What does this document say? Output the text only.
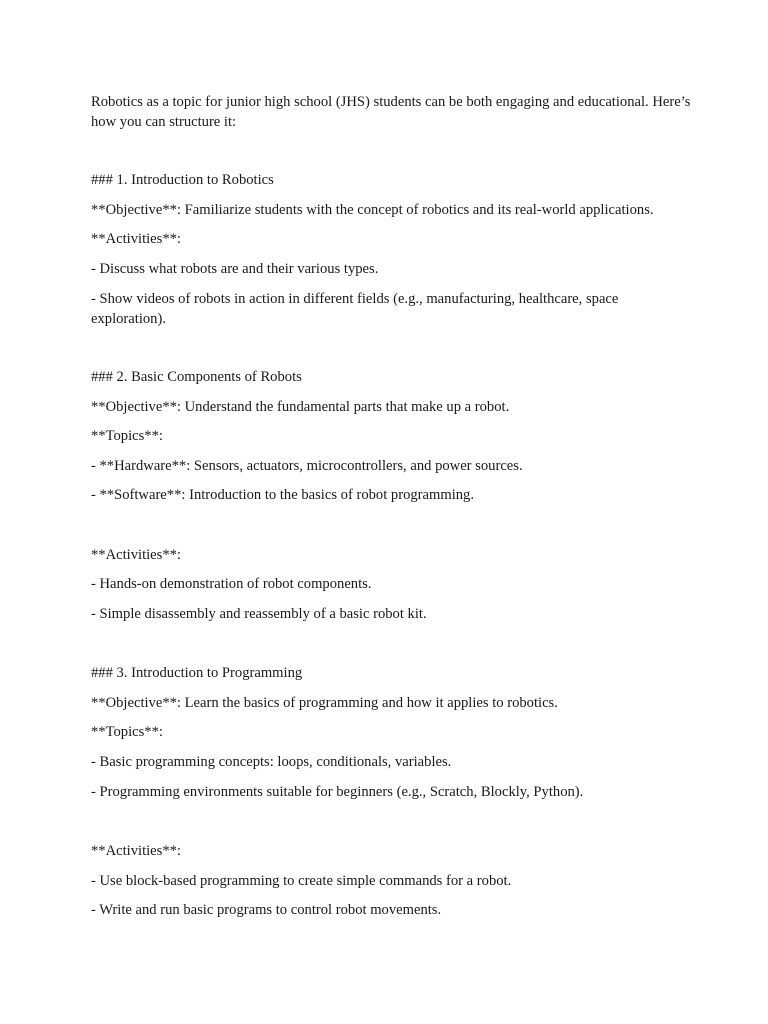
Robotics as a topic for junior high school (JHS) students can be both engaging and educational. Here’s how you can structure it:

### 1. Introduction to Robotics

**Objective**: Familiarize students with the concept of robotics and its real-world applications.

**Activities**:

- Discuss what robots are and their various types.

- Show videos of robots in action in different fields (e.g., manufacturing, healthcare, space exploration).

### 2. Basic Components of Robots

**Objective**: Understand the fundamental parts that make up a robot.

**Topics**:

- **Hardware**: Sensors, actuators, microcontrollers, and power sources.

- **Software**: Introduction to the basics of robot programming.

**Activities**:

- Hands-on demonstration of robot components.

- Simple disassembly and reassembly of a basic robot kit.

### 3. Introduction to Programming

**Objective**: Learn the basics of programming and how it applies to robotics.

**Topics**:

- Basic programming concepts: loops, conditionals, variables.

- Programming environments suitable for beginners (e.g., Scratch, Blockly, Python).

**Activities**:

- Use block-based programming to create simple commands for a robot.

- Write and run basic programs to control robot movements.
